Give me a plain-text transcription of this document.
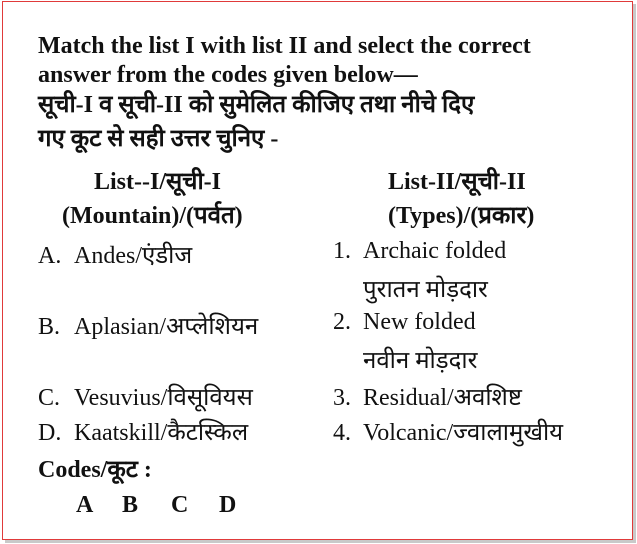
Match the list I with list II and select the correct
answer from the codes given below—
सूची-I व सूची-II को सुमेलित कीजिए तथा नीचे दिए
गए कूट से सही उत्तर चुनिए -
List--I/सूची-I
(Mountain)/(पर्वत)
List-II/सूची-II
(Types)/(प्रकार)
A. Andes/एंडीज
B. Aplasian/अप्लेशियन
C. Vesuvius/विसूवियस
D. Kaatskill/कैटस्किल
1. Archaic folded
पुरातन मोड़दार
2. New folded
नवीन मोड़दार
3. Residual/अवशिष्ट
4. Volcanic/ज्वालामुखीय
Codes/कूट :
A B C D
